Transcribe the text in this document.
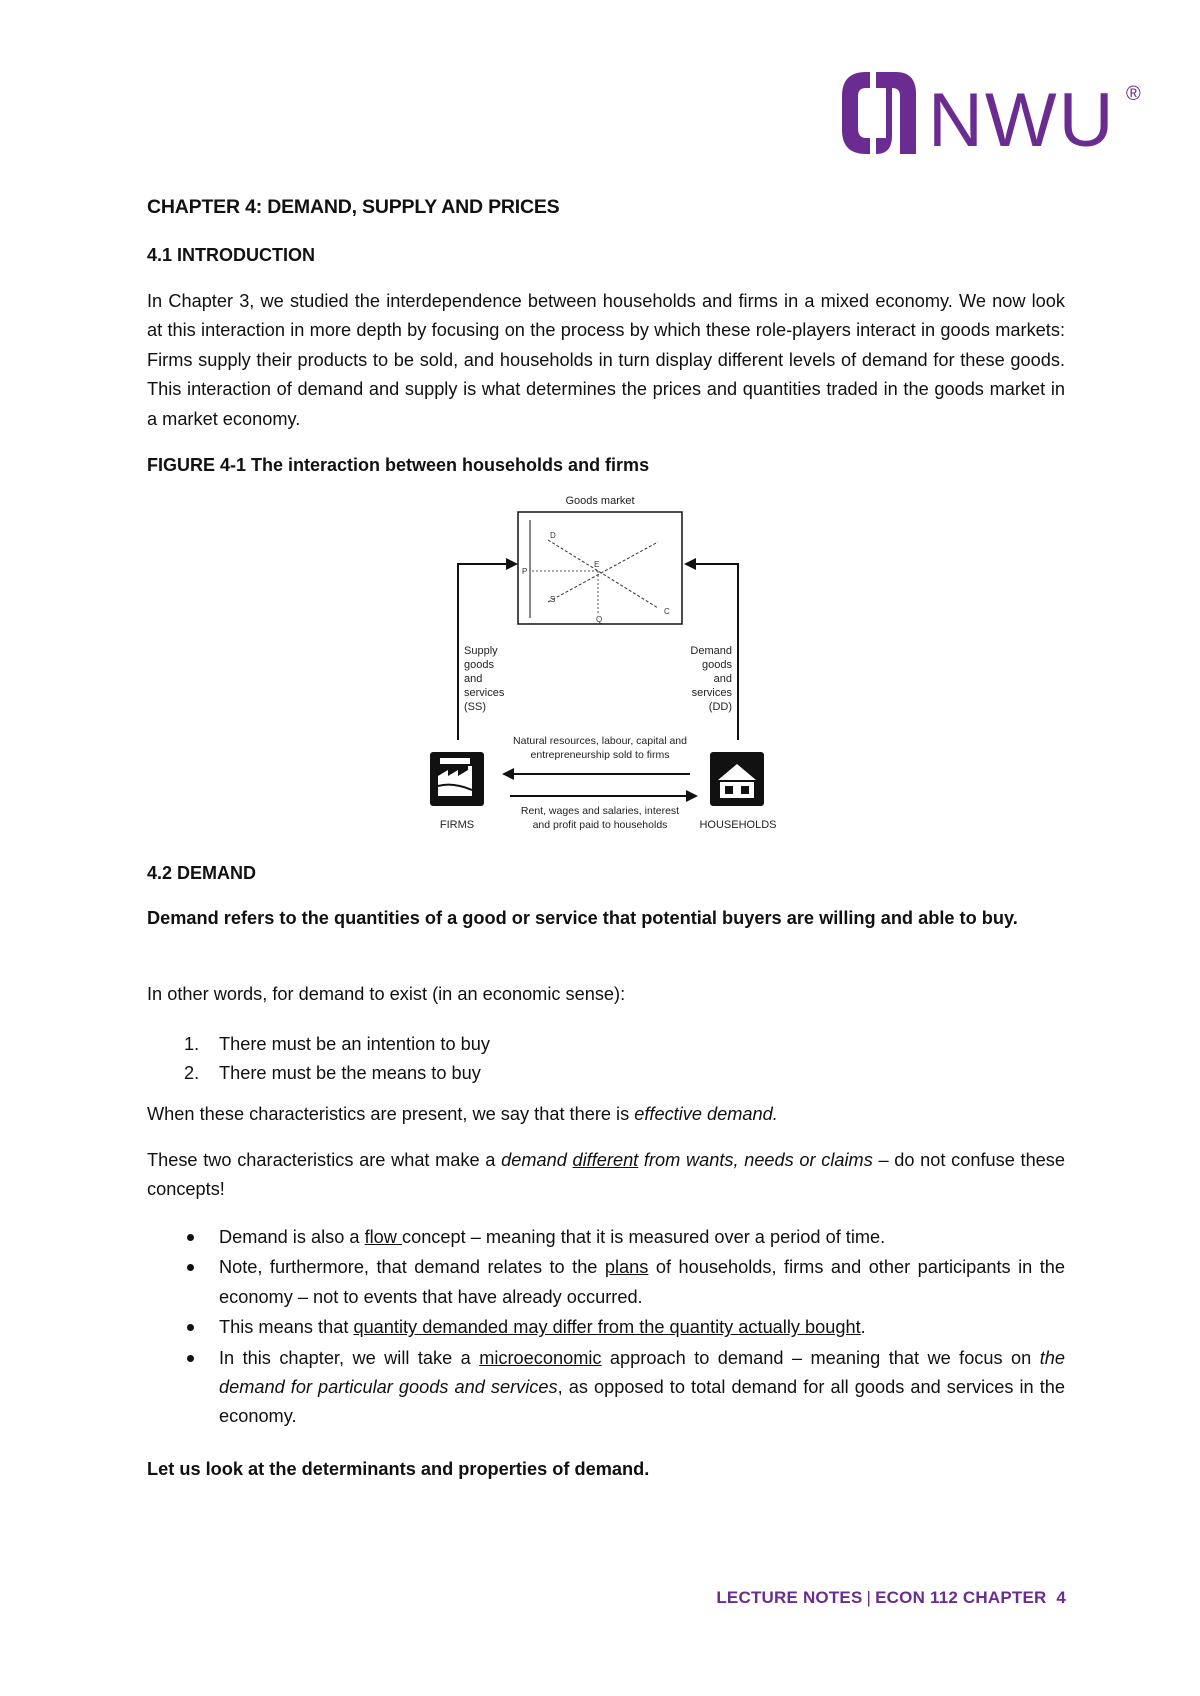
NWU ®
CHAPTER 4: DEMAND, SUPPLY AND PRICES
4.1 INTRODUCTION

In Chapter 3, we studied the interdependence between households and firms in a mixed economy. We now look at this interaction in more depth by focusing on the process by which these role-players interact in goods markets: Firms supply their products to be sold, and households in turn display different levels of demand for these goods. This interaction of demand and supply is what determines the prices and quantities traded in the goods market in a market economy.

FIGURE 4-1 The interaction between households and firms
4.2 DEMAND

Demand refers to the quantities of a good or service that potential buyers are willing and able to buy.

In other words, for demand to exist (in an economic sense):

1. There must be an intention to buy
2. There must be the means to buy

When these characteristics are present, we say that there is effective demand.

These two characteristics are what make a demand different from wants, needs or claims – do not confuse these concepts!

Demand is also a flow concept – meaning that it is measured over a period of time.
Note, furthermore, that demand relates to the plans of households, firms and other participants in the economy – not to events that have already occurred.
This means that quantity demanded may differ from the quantity actually bought.
In this chapter, we will take a microeconomic approach to demand – meaning that we focus on the demand for particular goods and services, as opposed to total demand for all goods and services in the economy.

Let us look at the determinants and properties of demand.

Goods market
D
P
E
S
Q
C
Supply
goods
and
services
(SS)
Demand
goods
and
services
(DD)
Natural resources, labour, capital and
entrepreneurship sold to firms
Rent, wages and salaries, interest
and profit paid to households
FIRMS	HOUSEHOLDS
LECTURE NOTES | ECON 112 CHAPTER  4
